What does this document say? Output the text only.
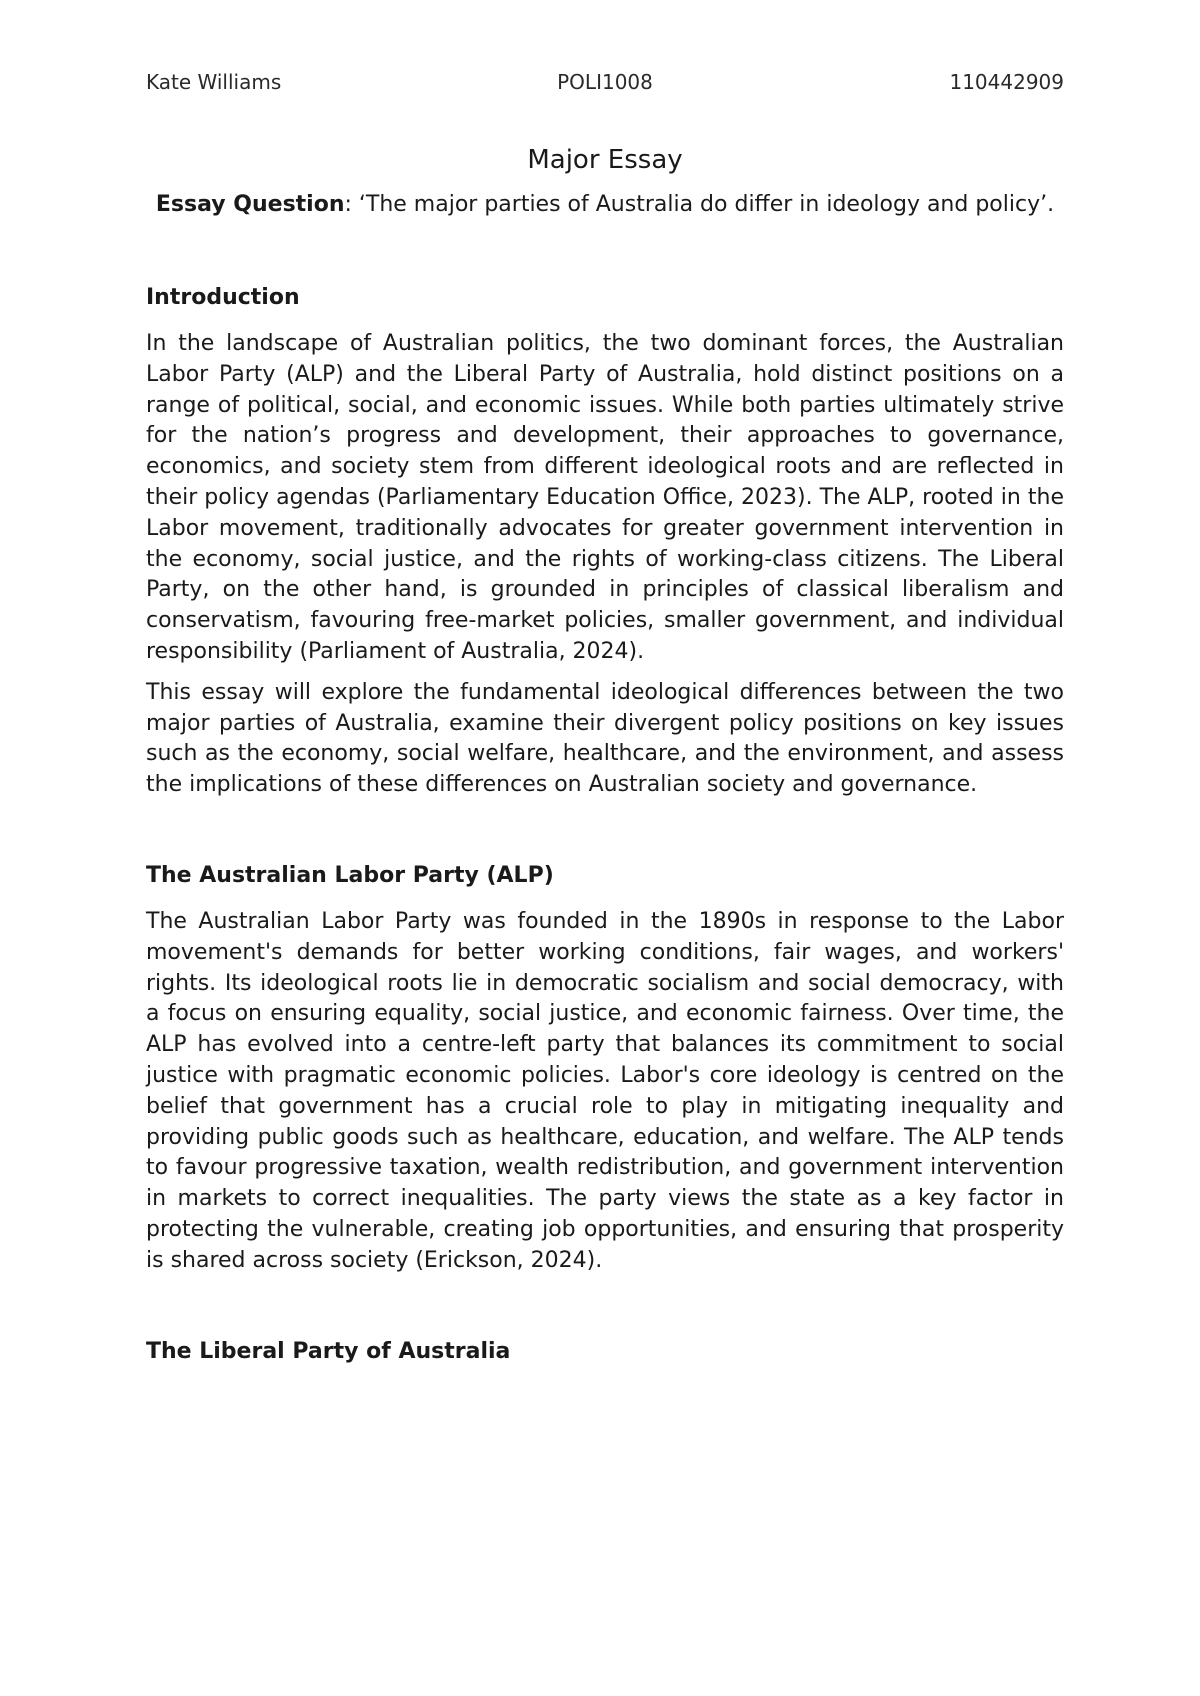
Kate Williams	POLI1008	110442909
Major Essay

Essay Question: ‘The major parties of Australia do differ in ideology and policy’.

Introduction

In the landscape of Australian politics, the two dominant forces, the Australian Labor Party (ALP) and the Liberal Party of Australia, hold distinct positions on a range of political, social, and economic issues. While both parties ultimately strive for the nation’s progress and development, their approaches to governance, economics, and society stem from different ideological roots and are reflected in their policy agendas (Parliamentary Education Office, 2023). The ALP, rooted in the Labor movement, traditionally advocates for greater government intervention in the economy, social justice, and the rights of working-class citizens. The Liberal Party, on the other hand, is grounded in principles of classical liberalism and conservatism, favouring free-market policies, smaller government, and individual responsibility (Parliament of Australia, 2024).

This essay will explore the fundamental ideological differences between the two major parties of Australia, examine their divergent policy positions on key issues such as the economy, social welfare, healthcare, and the environment, and assess the implications of these differences on Australian society and governance.

The Australian Labor Party (ALP)

The Australian Labor Party was founded in the 1890s in response to the Labor movement's demands for better working conditions, fair wages, and workers' rights. Its ideological roots lie in democratic socialism and social democracy, with a focus on ensuring equality, social justice, and economic fairness. Over time, the ALP has evolved into a centre-left party that balances its commitment to social justice with pragmatic economic policies. Labor's core ideology is centred on the belief that government has a crucial role to play in mitigating inequality and providing public goods such as healthcare, education, and welfare. The ALP tends to favour progressive taxation, wealth redistribution, and government intervention in markets to correct inequalities. The party views the state as a key factor in protecting the vulnerable, creating job opportunities, and ensuring that prosperity is shared across society (Erickson, 2024).

The Liberal Party of Australia
